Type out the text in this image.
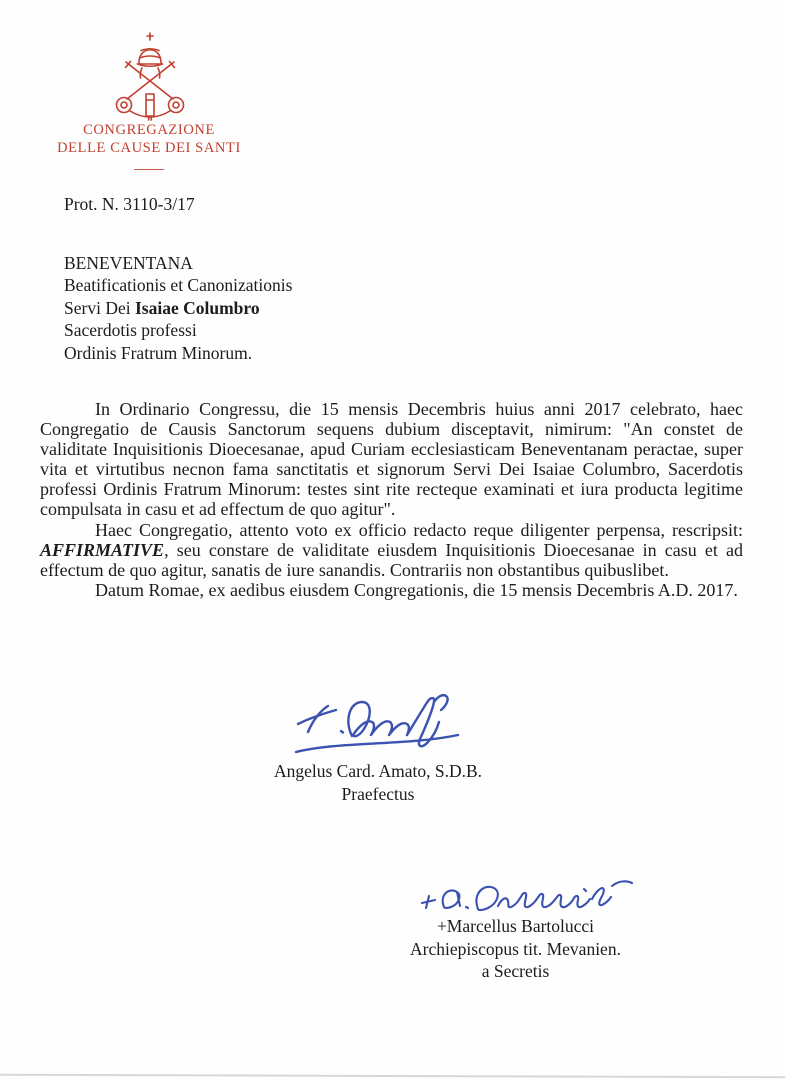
CONGREGAZIONE
DELLE CAUSE DEI SANTI
Prot. N. 3110-3/17
BENEVENTANA
Beatificationis et Canonizationis
Servi Dei Isaiae Columbro
Sacerdotis professi
Ordinis Fratrum Minorum.

In Ordinario Congressu, die 15 mensis Decembris huius anni 2017 celebrato, haec Congregatio de Causis Sanctorum sequens dubium disceptavit, nimirum: "An constet de validitate Inquisitionis Dioecesanae, apud Curiam ecclesiasticam Beneventanam peractae, super vita et virtutibus necnon fama sanctitatis et signorum Servi Dei Isaiae Columbro, Sacerdotis professi Ordinis Fratrum Minorum: testes sint rite recteque examinati et iura producta legitime compulsata in casu et ad effectum de quo agitur".

Haec Congregatio, attento voto ex officio redacto reque diligenter perpensa, rescripsit: AFFIRMATIVE, seu constare de validitate eiusdem Inquisitionis Dioecesanae in casu et ad effectum de quo agitur, sanatis de iure sanandis. Contrariis non obstantibus quibuslibet.

Datum Romae, ex aedibus eiusdem Congregationis, die 15 mensis Decembris A.D. 2017.

Angelus Card. Amato, S.D.B.
Praefectus
+Marcellus Bartolucci
Archiepiscopus tit. Mevanien.
a Secretis
